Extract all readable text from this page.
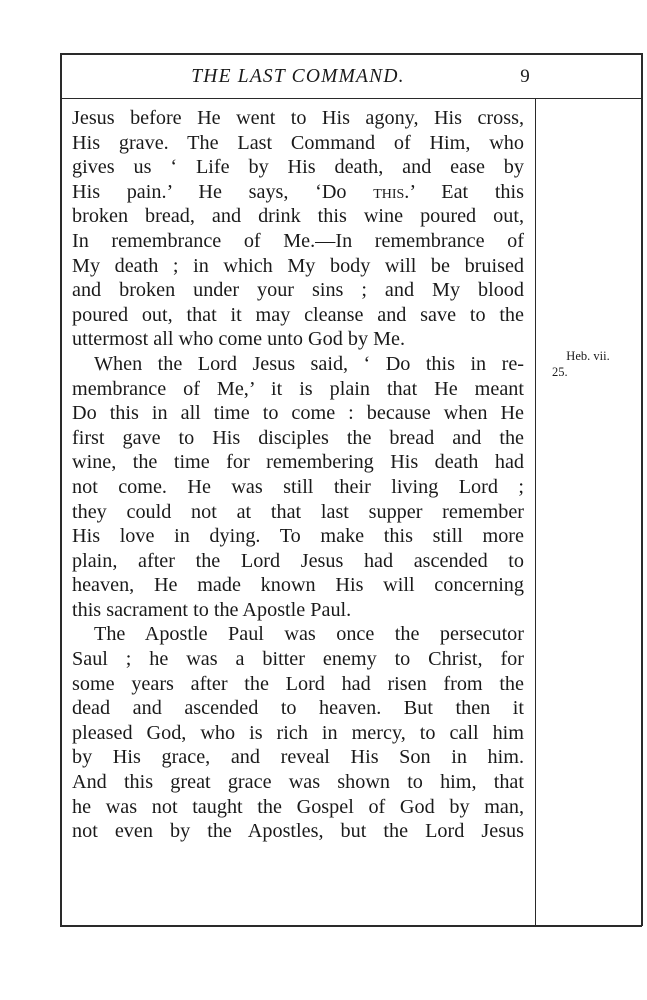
THE LAST COMMAND.	9
Jesus before He went to His agony, His cross,
His grave. The Last Command of Him, who
gives us ‘ Life by His death, and ease by
His pain.’ He says, ‘Do this.’ Eat this
broken bread, and drink this wine poured out,
In remembrance of Me.—In remembrance of
My death ; in which My body will be bruised
and broken under your sins ; and My blood
poured out, that it may cleanse and save to the
uttermost all who come unto God by Me.
When the Lord Jesus said, ‘ Do this in re-
membrance of Me,’ it is plain that He meant
Do this in all time to come : because when He
first gave to His disciples the bread and the
wine, the time for remembering His death had
not come. He was still their living Lord ;
they could not at that last supper remember
His love in dying. To make this still more
plain, after the Lord Jesus had ascended to
heaven, He made known His will concerning
this sacrament to the Apostle Paul.
The Apostle Paul was once the persecutor
Saul ; he was a bitter enemy to Christ, for
some years after the Lord had risen from the
dead and ascended to heaven. But then it
pleased God, who is rich in mercy, to call him
by His grace, and reveal His Son in him.
And this great grace was shown to him, that
he was not taught the Gospel of God by man,
not even by the Apostles, but the Lord Jesus
Heb. vii.
25.
